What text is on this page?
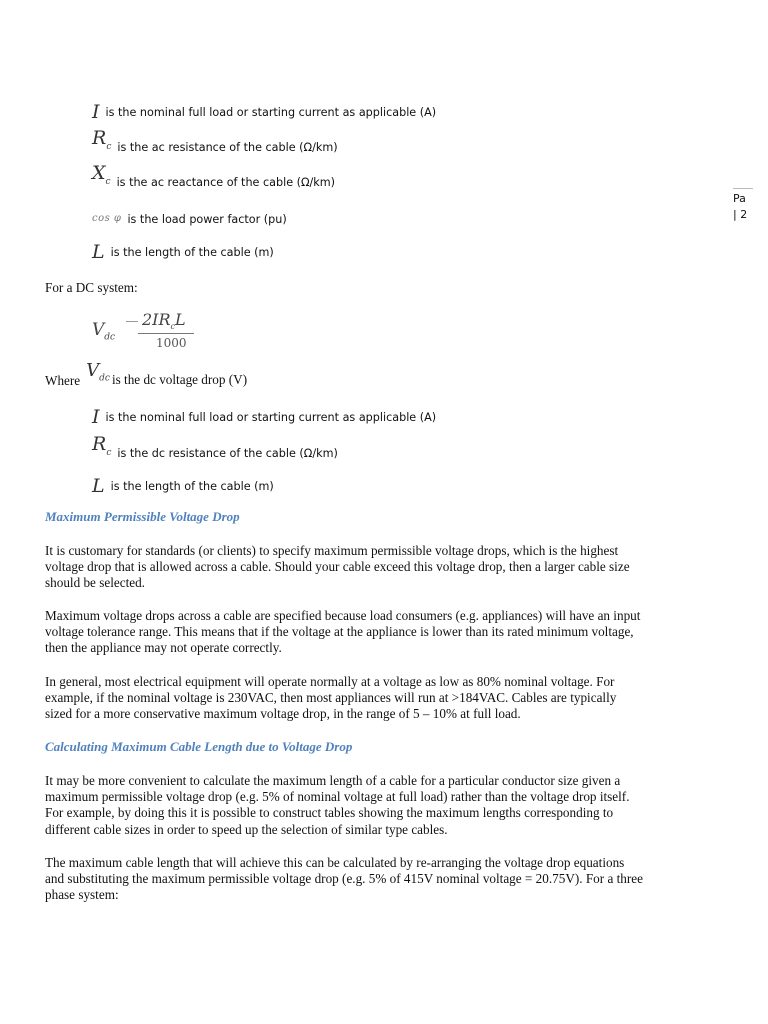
I is the nominal full load or starting current as applicable (A)
$R_c$ is the ac resistance of the cable (Ω/km)
$X_c$ is the ac reactance of the cable (Ω/km)
cos φ is the load power factor (pu)
L is the length of the cable (m)
For a DC system:
$V_{dc}$
$2IR_cL$
1000
Where $V_{dc}$ is the dc voltage drop (V)
I is the nominal full load or starting current as applicable (A)
$R_c$ is the dc resistance of the cable (Ω/km)
L is the length of the cable (m)
Maximum Permissible Voltage Drop
It is customary for standards (or clients) to specify maximum permissible voltage drops, which is the highest
voltage drop that is allowed across a cable. Should your cable exceed this voltage drop, then a larger cable size
should be selected.
Maximum voltage drops across a cable are specified because load consumers (e.g. appliances) will have an input
voltage tolerance range. This means that if the voltage at the appliance is lower than its rated minimum voltage,
then the appliance may not operate correctly.
In general, most electrical equipment will operate normally at a voltage as low as 80% nominal voltage. For
example, if the nominal voltage is 230VAC, then most appliances will run at >184VAC. Cables are typically
sized for a more conservative maximum voltage drop, in the range of 5 – 10% at full load.
Calculating Maximum Cable Length due to Voltage Drop
It may be more convenient to calculate the maximum length of a cable for a particular conductor size given a
maximum permissible voltage drop (e.g. 5% of nominal voltage at full load) rather than the voltage drop itself.
For example, by doing this it is possible to construct tables showing the maximum lengths corresponding to
different cable sizes in order to speed up the selection of similar type cables.
The maximum cable length that will achieve this can be calculated by re-arranging the voltage drop equations
and substituting the maximum permissible voltage drop (e.g. 5% of 415V nominal voltage = 20.75V). For a three
phase system:
Pa
| 2
